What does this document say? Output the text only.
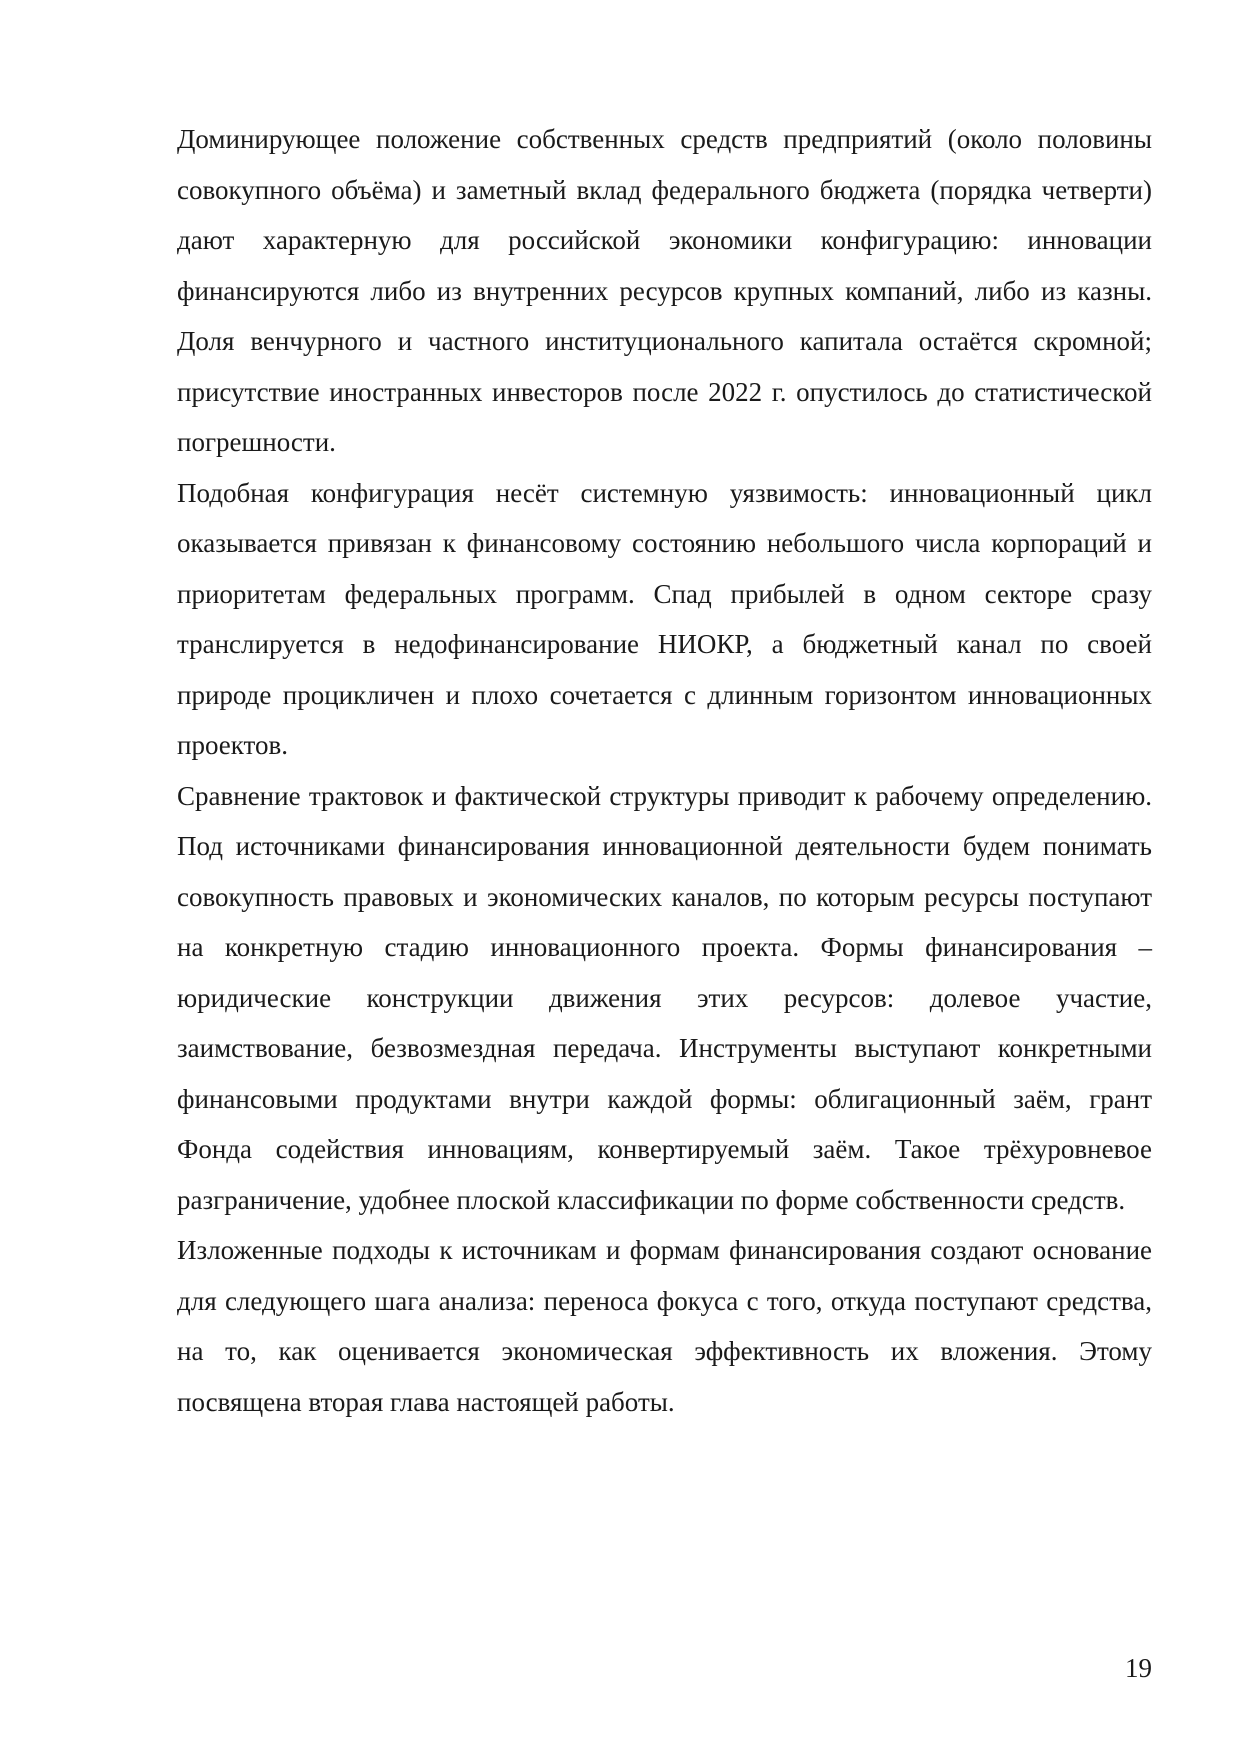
Доминирующее положение собственных средств предприятий (около половины совокупного объёма) и заметный вклад федерального бюджета (порядка четверти) дают характерную для российской экономики конфигурацию: инновации финансируются либо из внутренних ресурсов крупных компаний, либо из казны. Доля венчурного и частного институционального капитала остаётся скромной; присутствие иностранных инвесторов после 2022 г. опустилось до статистической погрешности.

Подобная конфигурация несёт системную уязвимость: инновационный цикл оказывается привязан к финансовому состоянию небольшого числа корпораций и приоритетам федеральных программ. Спад прибылей в одном секторе сразу транслируется в недофинансирование НИОКР, а бюджетный канал по своей природе процикличен и плохо сочетается с длинным горизонтом инновационных проектов.

Сравнение трактовок и фактической структуры приводит к рабочему определению. Под источниками финансирования инновационной деятельности будем понимать совокупность правовых и экономических каналов, по которым ресурсы поступают на конкретную стадию инновационного проекта. Формы финансирования – юридические конструкции движения этих ресурсов: долевое участие, заимствование, безвозмездная передача. Инструменты выступают конкретными финансовыми продуктами внутри каждой формы: облигационный заём, грант Фонда содействия инновациям, конвертируемый заём. Такое трёхуровневое разграничение, удобнее плоской классификации по форме собственности средств.

Изложенные подходы к источникам и формам финансирования создают основание для следующего шага анализа: переноса фокуса с того, откуда поступают средства, на то, как оценивается экономическая эффективность их вложения. Этому посвящена вторая глава настоящей работы.

19
